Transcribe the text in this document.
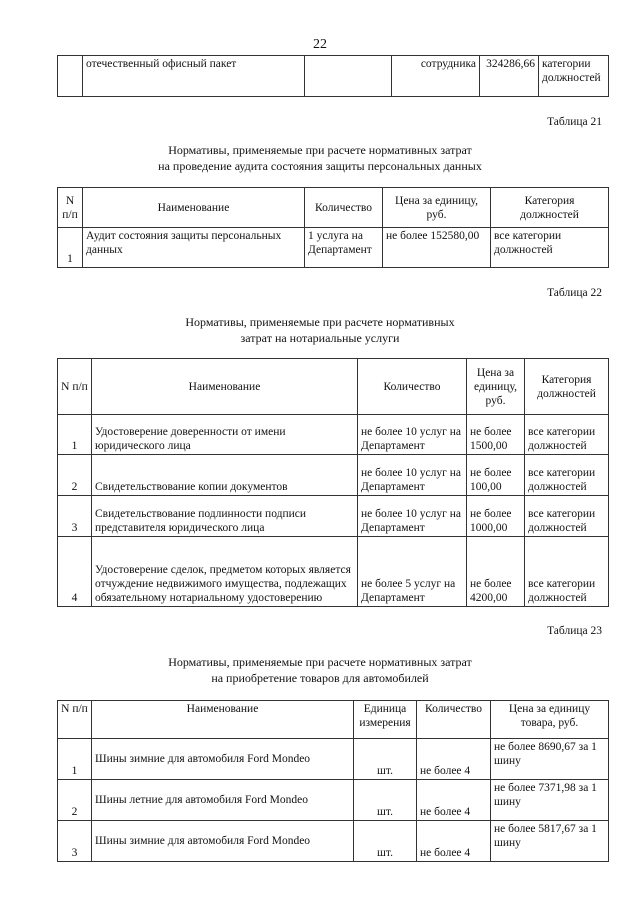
22
	отечественный офисный пакет		сотрудника	324286,66	категории должностей
Таблица 21
Нормативы, применяемые при расчете нормативных затрат
на проведение аудита состояния защиты персональных данных
N п/п	Наименование	Количество	Цена за единицу, руб.	Категория должностей
1	Аудит состояния защиты персональных данных	1 услуга на Департамент	не более 152580,00	все категории должностей
Таблица 22
Нормативы, применяемые при расчете нормативных
затрат на нотариальные услуги
N п/п	Наименование	Количество	Цена за единицу, руб.	Категория должностей
1	Удостоверение доверенности от имени юридического лица	не более 10 услуг на Департамент	не более 1500,00	все категории должностей
2	Свидетельствование копии документов	не более 10 услуг на Департамент	не более 100,00	все категории должностей
3	Свидетельствование подлинности подписи представителя юридического лица	не более 10 услуг на Департамент	не более 1000,00	все категории должностей
4	Удостоверение сделок, предметом которых является отчуждение недвижимого имущества, подлежащих обязательному нотариальному удостоверению	не более 5 услуг на Департамент	не более 4200,00	все категории должностей
Таблица 23
Нормативы, применяемые при расчете нормативных затрат
на приобретение товаров для автомобилей
N п/п	Наименование	Единица измерения	Количество	Цена за единицу товара, руб.
1	Шины зимние для автомобиля Ford Mondeo	шт.	не более 4	не более 8690,67 за 1 шину
2	Шины летние для автомобиля Ford Mondeo	шт.	не более 4	не более 7371,98 за 1 шину
3	Шины зимние для автомобиля Ford Mondeo	шт.	не более 4	не более 5817,67 за 1 шину
